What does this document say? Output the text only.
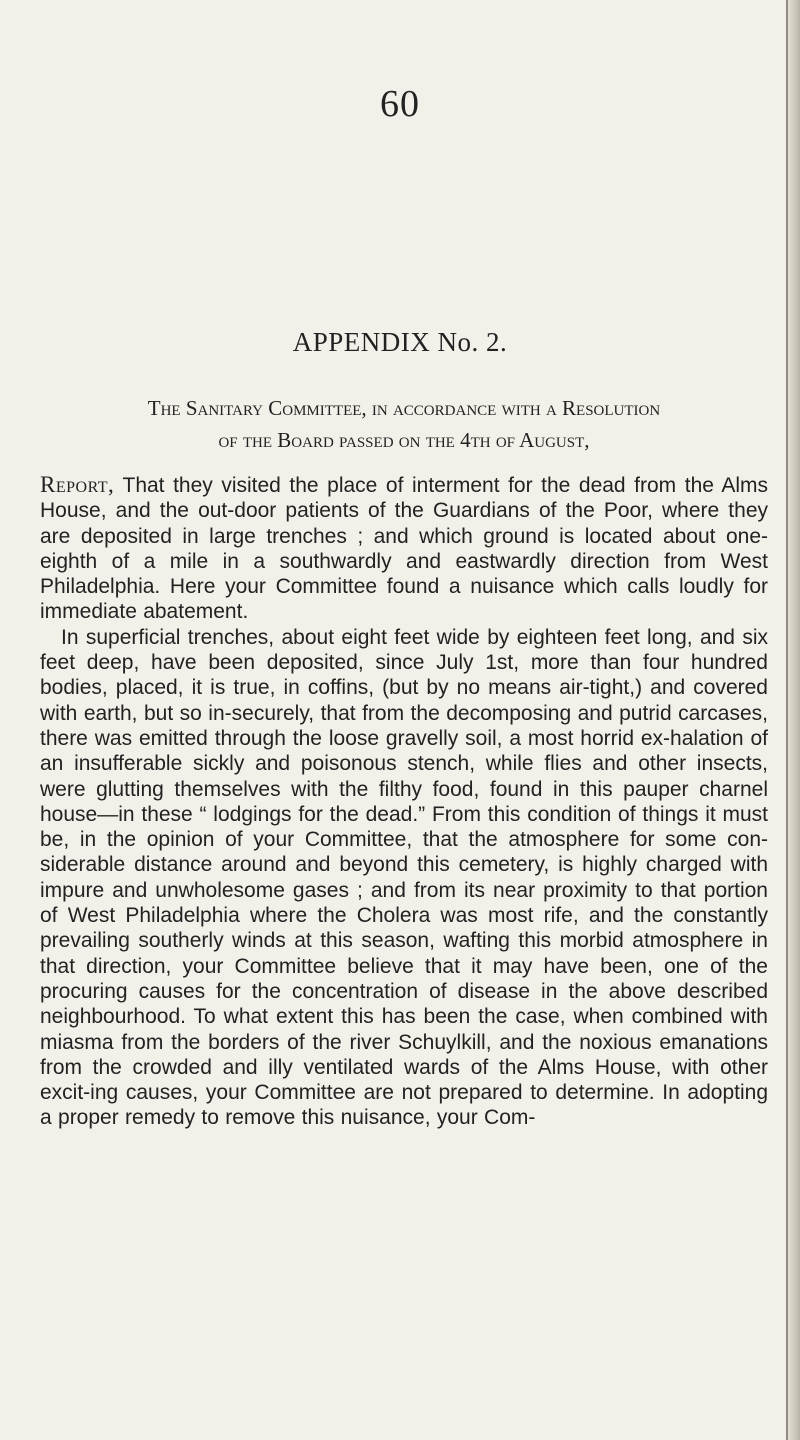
60
APPENDIX No. 2.
The Sanitary Committee, in accordance with a Resolution
of the Board passed on the 4th of August,

Report, That they visited the place of interment for the dead from the Alms House, and the out-door patients of the Guardians of the Poor, where they are deposited in large trenches ; and which ground is located about one-eighth of a mile in a southwardly and eastwardly direction from West Philadelphia. Here your Committee found a nuisance which calls loudly for immediate abatement.

In superficial trenches, about eight feet wide by eighteen feet long, and six feet deep, have been deposited, since July 1st, more than four hundred bodies, placed, it is true, in coffins, (but by no means air-tight,) and covered with earth, but so in-securely, that from the decomposing and putrid carcases, there was emitted through the loose gravelly soil, a most horrid ex-halation of an insufferable sickly and poisonous stench, while flies and other insects, were glutting themselves with the filthy food, found in this pauper charnel house—in these “ lodgings for the dead.” From this condition of things it must be, in the opinion of your Committee, that the atmosphere for some con-siderable distance around and beyond this cemetery, is highly charged with impure and unwholesome gases ; and from its near proximity to that portion of West Philadelphia where the Cholera was most rife, and the constantly prevailing southerly winds at this season, wafting this morbid atmosphere in that direction, your Committee believe that it may have been, one of the procuring causes for the concentration of disease in the above described neighbourhood. To what extent this has been the case, when combined with miasma from the borders of the river Schuylkill, and the noxious emanations from the crowded and illy ventilated wards of the Alms House, with other excit-ing causes, your Committee are not prepared to determine. In adopting a proper remedy to remove this nuisance, your Com-
